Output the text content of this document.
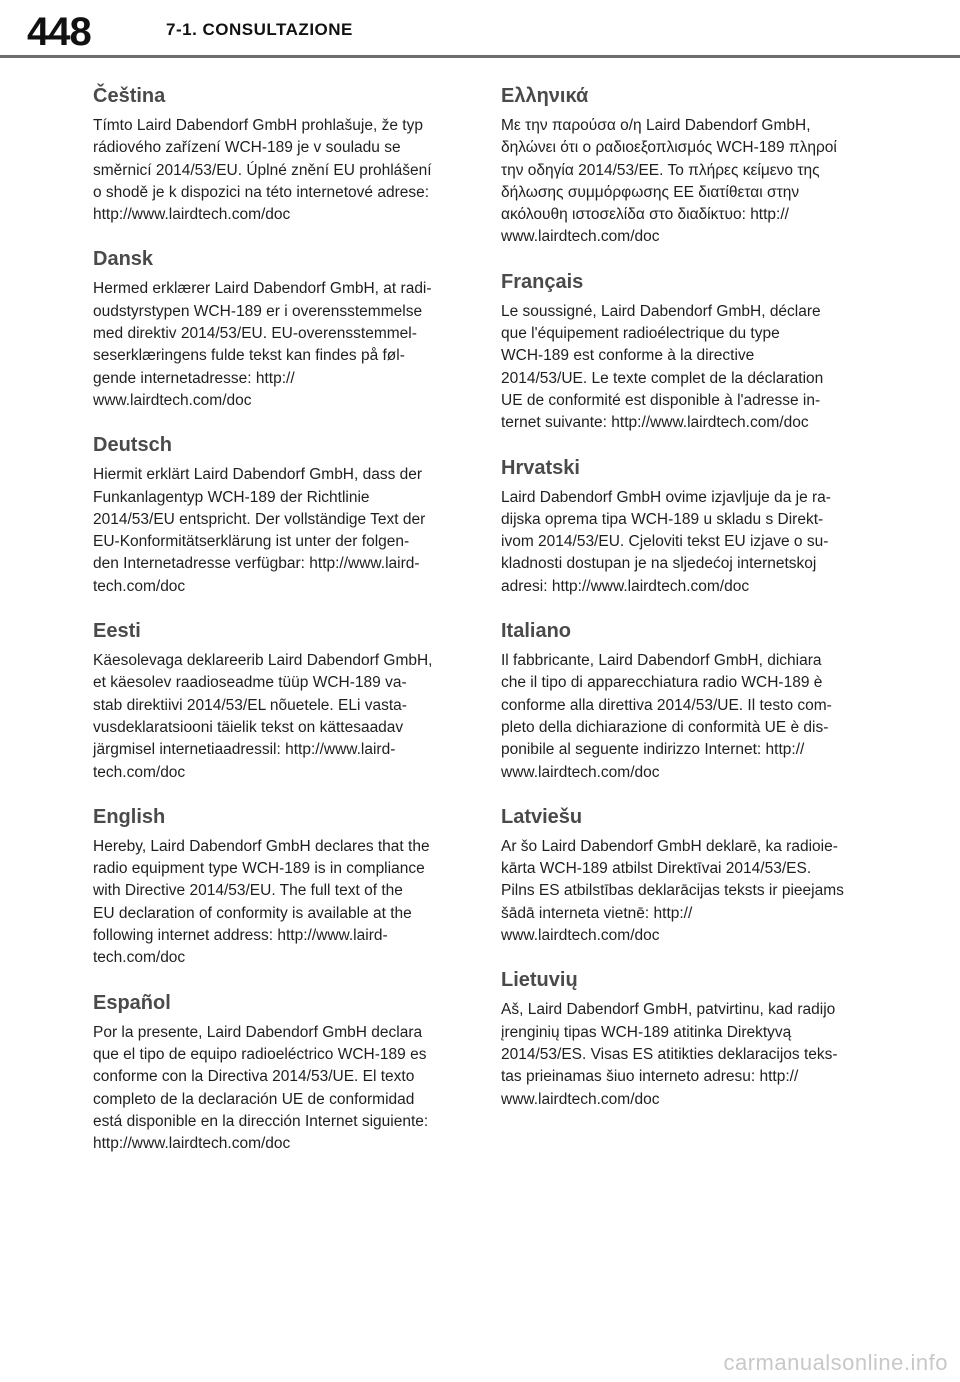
448	7-1. CONSULTAZIONE
Čeština

Tímto Laird Dabendorf GmbH prohlašuje, že typ
rádiového zařízení WCH-189 je v souladu se
směrnicí 2014/53/EU. Úplné znění EU prohlášení
o shodě je k dispozici na této internetové adrese:
http://www.lairdtech.com/doc

Dansk

Hermed erklærer Laird Dabendorf GmbH, at radi-
oudstyrstypen WCH-189 er i overensstemmelse
med direktiv 2014/53/EU. EU-overensstemmel-
seserklæringens fulde tekst kan findes på føl-
gende internetadresse: http://
www.lairdtech.com/doc

Deutsch

Hiermit erklärt Laird Dabendorf GmbH, dass der
Funkanlagentyp WCH-189 der Richtlinie
2014/53/EU entspricht. Der vollständige Text der
EU-Konformitätserklärung ist unter der folgen-
den Internetadresse verfügbar: http://www.laird-
tech.com/doc

Eesti

Käesolevaga deklareerib Laird Dabendorf GmbH,
et käesolev raadioseadme tüüp WCH-189 va-
stab direktiivi 2014/53/EL nõuetele. ELi vasta-
vusdeklaratsiooni täielik tekst on kättesaadav
järgmisel internetiaadressil: http://www.laird-
tech.com/doc

English

Hereby, Laird Dabendorf GmbH declares that the
radio equipment type WCH-189 is in compliance
with Directive 2014/53/EU. The full text of the
EU declaration of conformity is available at the
following internet address: http://www.laird-
tech.com/doc

Español

Por la presente, Laird Dabendorf GmbH declara
que el tipo de equipo radioeléctrico WCH-189 es
conforme con la Directiva 2014/53/UE. El texto
completo de la declaración UE de conformidad
está disponible en la dirección Internet siguiente:
http://www.lairdtech.com/doc

Ελληνικά

Με την παρούσα ο/η Laird Dabendorf GmbH,
δηλώνει ότι ο ραδιοεξοπλισμός WCH-189 πληροί
την οδηγία 2014/53/ΕΕ. Το πλήρες κείμενο της
δήλωσης συμμόρφωσης ΕΕ διατίθεται στην
ακόλουθη ιστοσελίδα στο διαδίκτυο: http://
www.lairdtech.com/doc

Français

Le soussigné, Laird Dabendorf GmbH, déclare
que l'équipement radioélectrique du type
WCH-189 est conforme à la directive
2014/53/UE. Le texte complet de la déclaration
UE de conformité est disponible à l'adresse in-
ternet suivante: http://www.lairdtech.com/doc

Hrvatski

Laird Dabendorf GmbH ovime izjavljuje da je ra-
dijska oprema tipa WCH-189 u skladu s Direkt-
ivom 2014/53/EU. Cjeloviti tekst EU izjave o su-
kladnosti dostupan je na sljedećoj internetskoj
adresi: http://www.lairdtech.com/doc

Italiano

Il fabbricante, Laird Dabendorf GmbH, dichiara
che il tipo di apparecchiatura radio WCH-189 è
conforme alla direttiva 2014/53/UE. Il testo com-
pleto della dichiarazione di conformità UE è dis-
ponibile al seguente indirizzo Internet: http://
www.lairdtech.com/doc

Latviešu

Ar šo Laird Dabendorf GmbH deklarē, ka radioie-
kārta WCH-189 atbilst Direktīvai 2014/53/ES.
Pilns ES atbilstības deklarācijas teksts ir pieejams
šādā interneta vietnē: http://
www.lairdtech.com/doc

Lietuvių

Aš, Laird Dabendorf GmbH, patvirtinu, kad radijo
įrenginių tipas WCH-189 atitinka Direktyvą
2014/53/ES. Visas ES atitikties deklaracijos teks-
tas prieinamas šiuo interneto adresu: http://
www.lairdtech.com/doc

carmanualsonline.info
